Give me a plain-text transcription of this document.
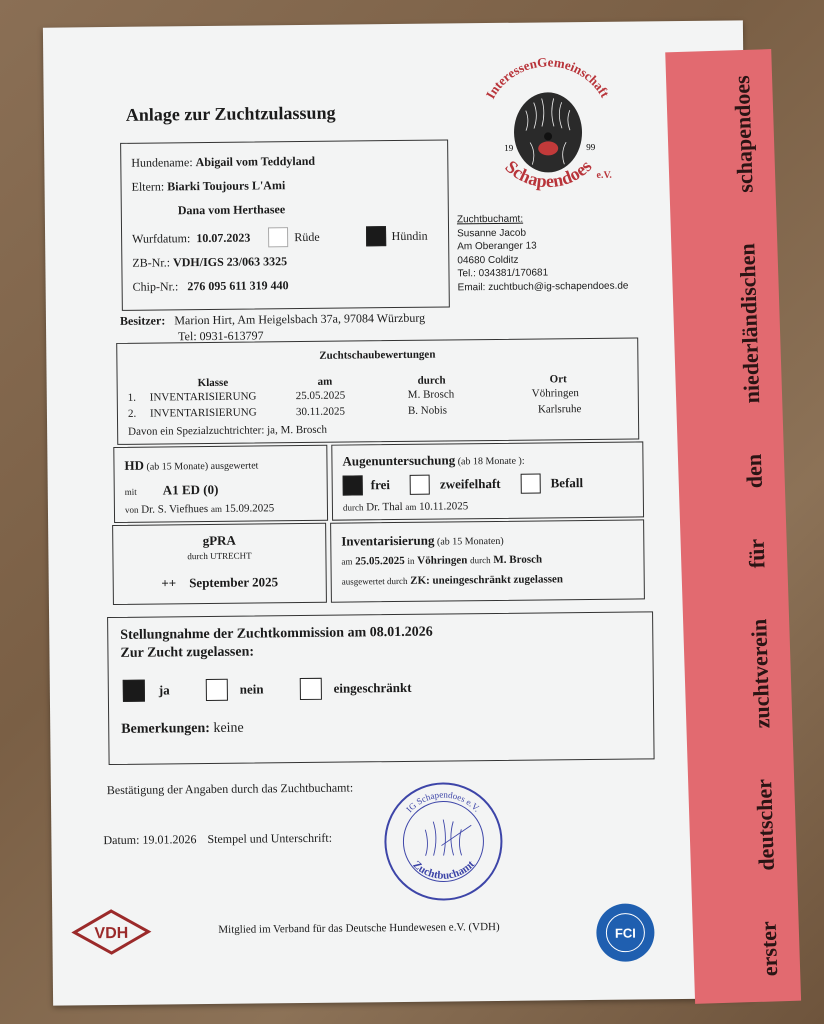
erster
deutscher
zuchtverein
für
den
niederländischen
schapendoes
Anlage zur Zuchtzulassung
InteressenGemeinschaft
Schapendoes
19	99
e.V.
Hundename: Abigail vom Teddyland
Eltern: Biarki Toujours L'Ami
Dana vom Herthasee
Wurfdatum: 10.07.2023	Rüde	Hündin
ZB-Nr.: VDH/IGS 23/063 3325
Chip-Nr.: 276 095 611 319 440
Zuchtbuchamt:
Susanne Jacob
Am Oberanger 13
04680 Colditz
Tel.: 034381/170681
Email: zuchtbuch@ig-schapendoes.de
Besitzer: Marion Hirt, Am Heigelsbach 37a, 97084 Würzburg
Tel: 0931-613797
Zuchtschaubewertungen
Klasse	am	durch	Ort
1. INVENTARISIERUNG	25.05.2025	M. Brosch	Vöhringen
2. INVENTARISIERUNG	30.11.2025	B. Nobis	Karlsruhe
Davon ein Spezialzuchtrichter: ja, M. Brosch
HD (ab 15 Monate) ausgewertet
mit A1 ED (0)
von Dr. S. Viefhues am 15.09.2025
Augenuntersuchung (ab 18 Monate ):
frei	zweifelhaft	Befall
durch Dr. Thal am 10.11.2025
gPRA
durch UTRECHT
++    September 2025
Inventarisierung (ab 15 Monaten)
am 25.05.2025 in Vöhringen durch M. Brosch
ausgewertet durch ZK: uneingeschränkt zugelassen
Stellungnahme der Zuchtkommission am 08.01.2026
Zur Zucht zugelassen:
ja	nein	eingeschränkt
Bemerkungen: keine
Bestätigung der Angaben durch das Zuchtbuchamt:
Datum: 19.01.2026 Stempel und Unterschrift:
IG Schapendoes e.V.
Zuchtbuchamt
VDH	Mitglied im Verband für das Deutsche Hundewesen e.V. (VDH)	FCI
